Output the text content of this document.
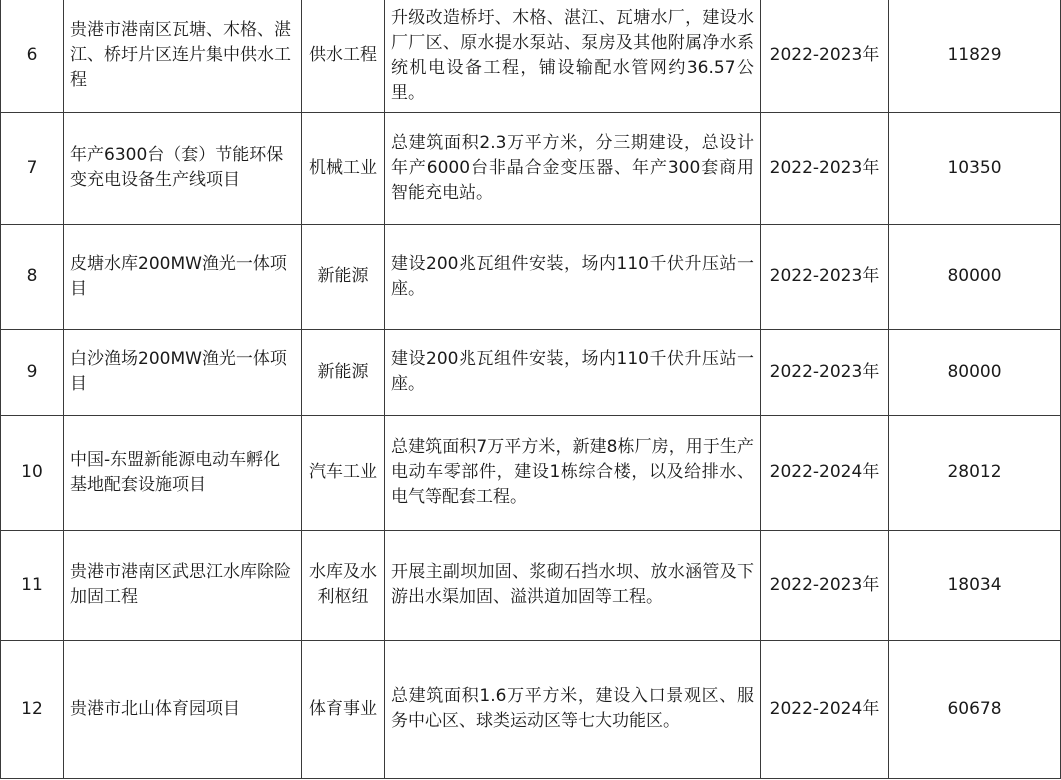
6	贵港市港南区瓦塘、木格、湛江、桥圩片区连片集中供水工程	供水工程	升级改造桥圩、木格、湛江、瓦塘水厂，建设水厂厂区、原水提水泵站、泵房及其他附属净水系统机电设备工程，铺设输配水管网约36.57公里。	2022-2023年	11829
7	年产6300台（套）节能环保变充电设备生产线项目	机械工业	总建筑面积2.3万平方米，分三期建设，总设计年产6000台非晶合金变压器、年产300套商用智能充电站。	2022-2023年	10350
8	皮塘水库200MW渔光一体项目	新能源	建设200兆瓦组件安装，场内110千伏升压站一座。	2022-2023年	80000
9	白沙渔场200MW渔光一体项目	新能源	建设200兆瓦组件安装，场内110千伏升压站一座。	2022-2023年	80000
10	中国-东盟新能源电动车孵化基地配套设施项目	汽车工业	总建筑面积7万平方米，新建8栋厂房，用于生产电动车零部件，建设1栋综合楼，以及给排水、电气等配套工程。	2022-2024年	28012
11	贵港市港南区武思江水库除险加固工程	水库及水利枢纽	开展主副坝加固、浆砌石挡水坝、放水涵管及下游出水渠加固、溢洪道加固等工程。	2022-2023年	18034
12	贵港市北山体育园项目	体育事业	总建筑面积1.6万平方米，建设入口景观区、服务中心区、球类运动区等七大功能区。	2022-2024年	60678
